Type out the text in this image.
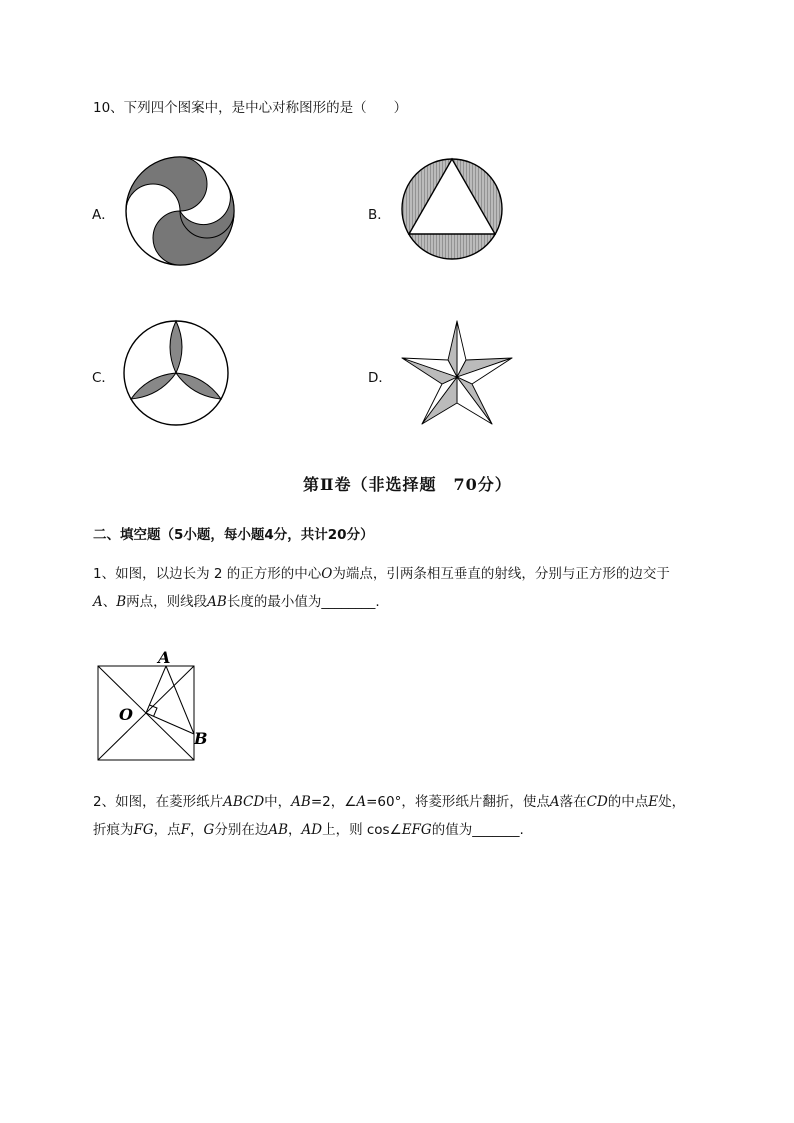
10、下列四个图案中，是中心对称图形的是（　　）
A．	B．
C．	D．
第Ⅱ卷（非选择题　70分）
二、填空题（5小题，每小题4分，共计20分）
1、如图，以边长为 2 的正方形的中心O为端点，引两条相互垂直的射线，分别与正方形的边交于
A、B两点，则线段AB长度的最小值为________.
A
O
B
2、如图，在菱形纸片ABCD中，AB=2，∠A=60°，将菱形纸片翻折，使点A落在CD的中点E处，
折痕为FG，点F，G分别在边AB，AD上，则 cos∠EFG的值为_______.
